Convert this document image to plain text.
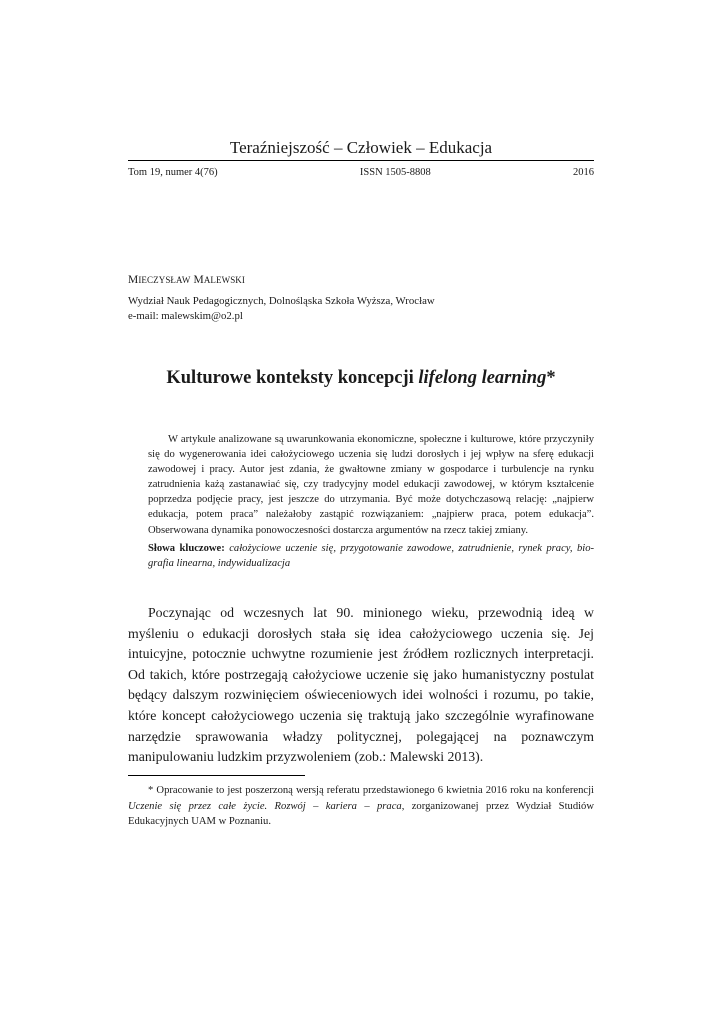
Teraźniejszość – Człowiek – Edukacja
Tom 19, numer 4(76)	ISSN 1505-8808	2016
MIECZYSŁAW MALEWSKI
Wydział Nauk Pedagogicznych, Dolnośląska Szkoła Wyższa, Wrocław
e-mail: malewskim@o2.pl
Kulturowe konteksty koncepcji lifelong learning*
W artykule analizowane są uwarunkowania ekonomiczne, społeczne i kulturowe, które przyczyniły się do wygenerowania idei całożyciowego uczenia się ludzi dorosłych i jej wpływ na sferę edukacji zawodowej i pracy. Autor jest zdania, że gwałtowne zmiany w gospodarce i turbulencje na rynku zatrudnienia każą zastanawiać się, czy tradycyjny model edukacji zawodowej, w którym kształcenie poprzedza podjęcie pracy, jest jeszcze do utrzymania. Być może dotychczasową relację: „najpierw edukacja, potem praca” należałoby zastąpić rozwiązaniem: „najpierw praca, potem edukacja”. Obserwowana dynamika ponowoczesności dostarcza argumentów na rzecz takiej zmiany.
Słowa kluczowe: całożyciowe uczenie się, przygotowanie zawodowe, zatrudnienie, rynek pracy, biografia linearna, indywidualizacja
Poczynając od wczesnych lat 90. minionego wieku, przewodnią ideą w myśleniu o edukacji dorosłych stała się idea całożyciowego uczenia się. Jej intuicyjne, potocznie uchwytne rozumienie jest źródłem rozlicznych interpretacji. Od takich, które postrzegają całożyciowe uczenie się jako humanistyczny postulat będący dalszym rozwinięciem oświeceniowych idei wolności i rozumu, po takie, które koncept całożyciowego uczenia się traktują jako szczególnie wyrafinowane narzędzie sprawowania władzy politycznej, polegającej na poznawczym manipulowaniu ludzkim przyzwoleniem (zob.: Malewski 2013).
* Opracowanie to jest poszerzoną wersją referatu przedstawionego 6 kwietnia 2016 roku na konferencji Uczenie się przez całe życie. Rozwój – kariera – praca, zorganizowanej przez Wydział Studiów Edukacyjnych UAM w Poznaniu.
